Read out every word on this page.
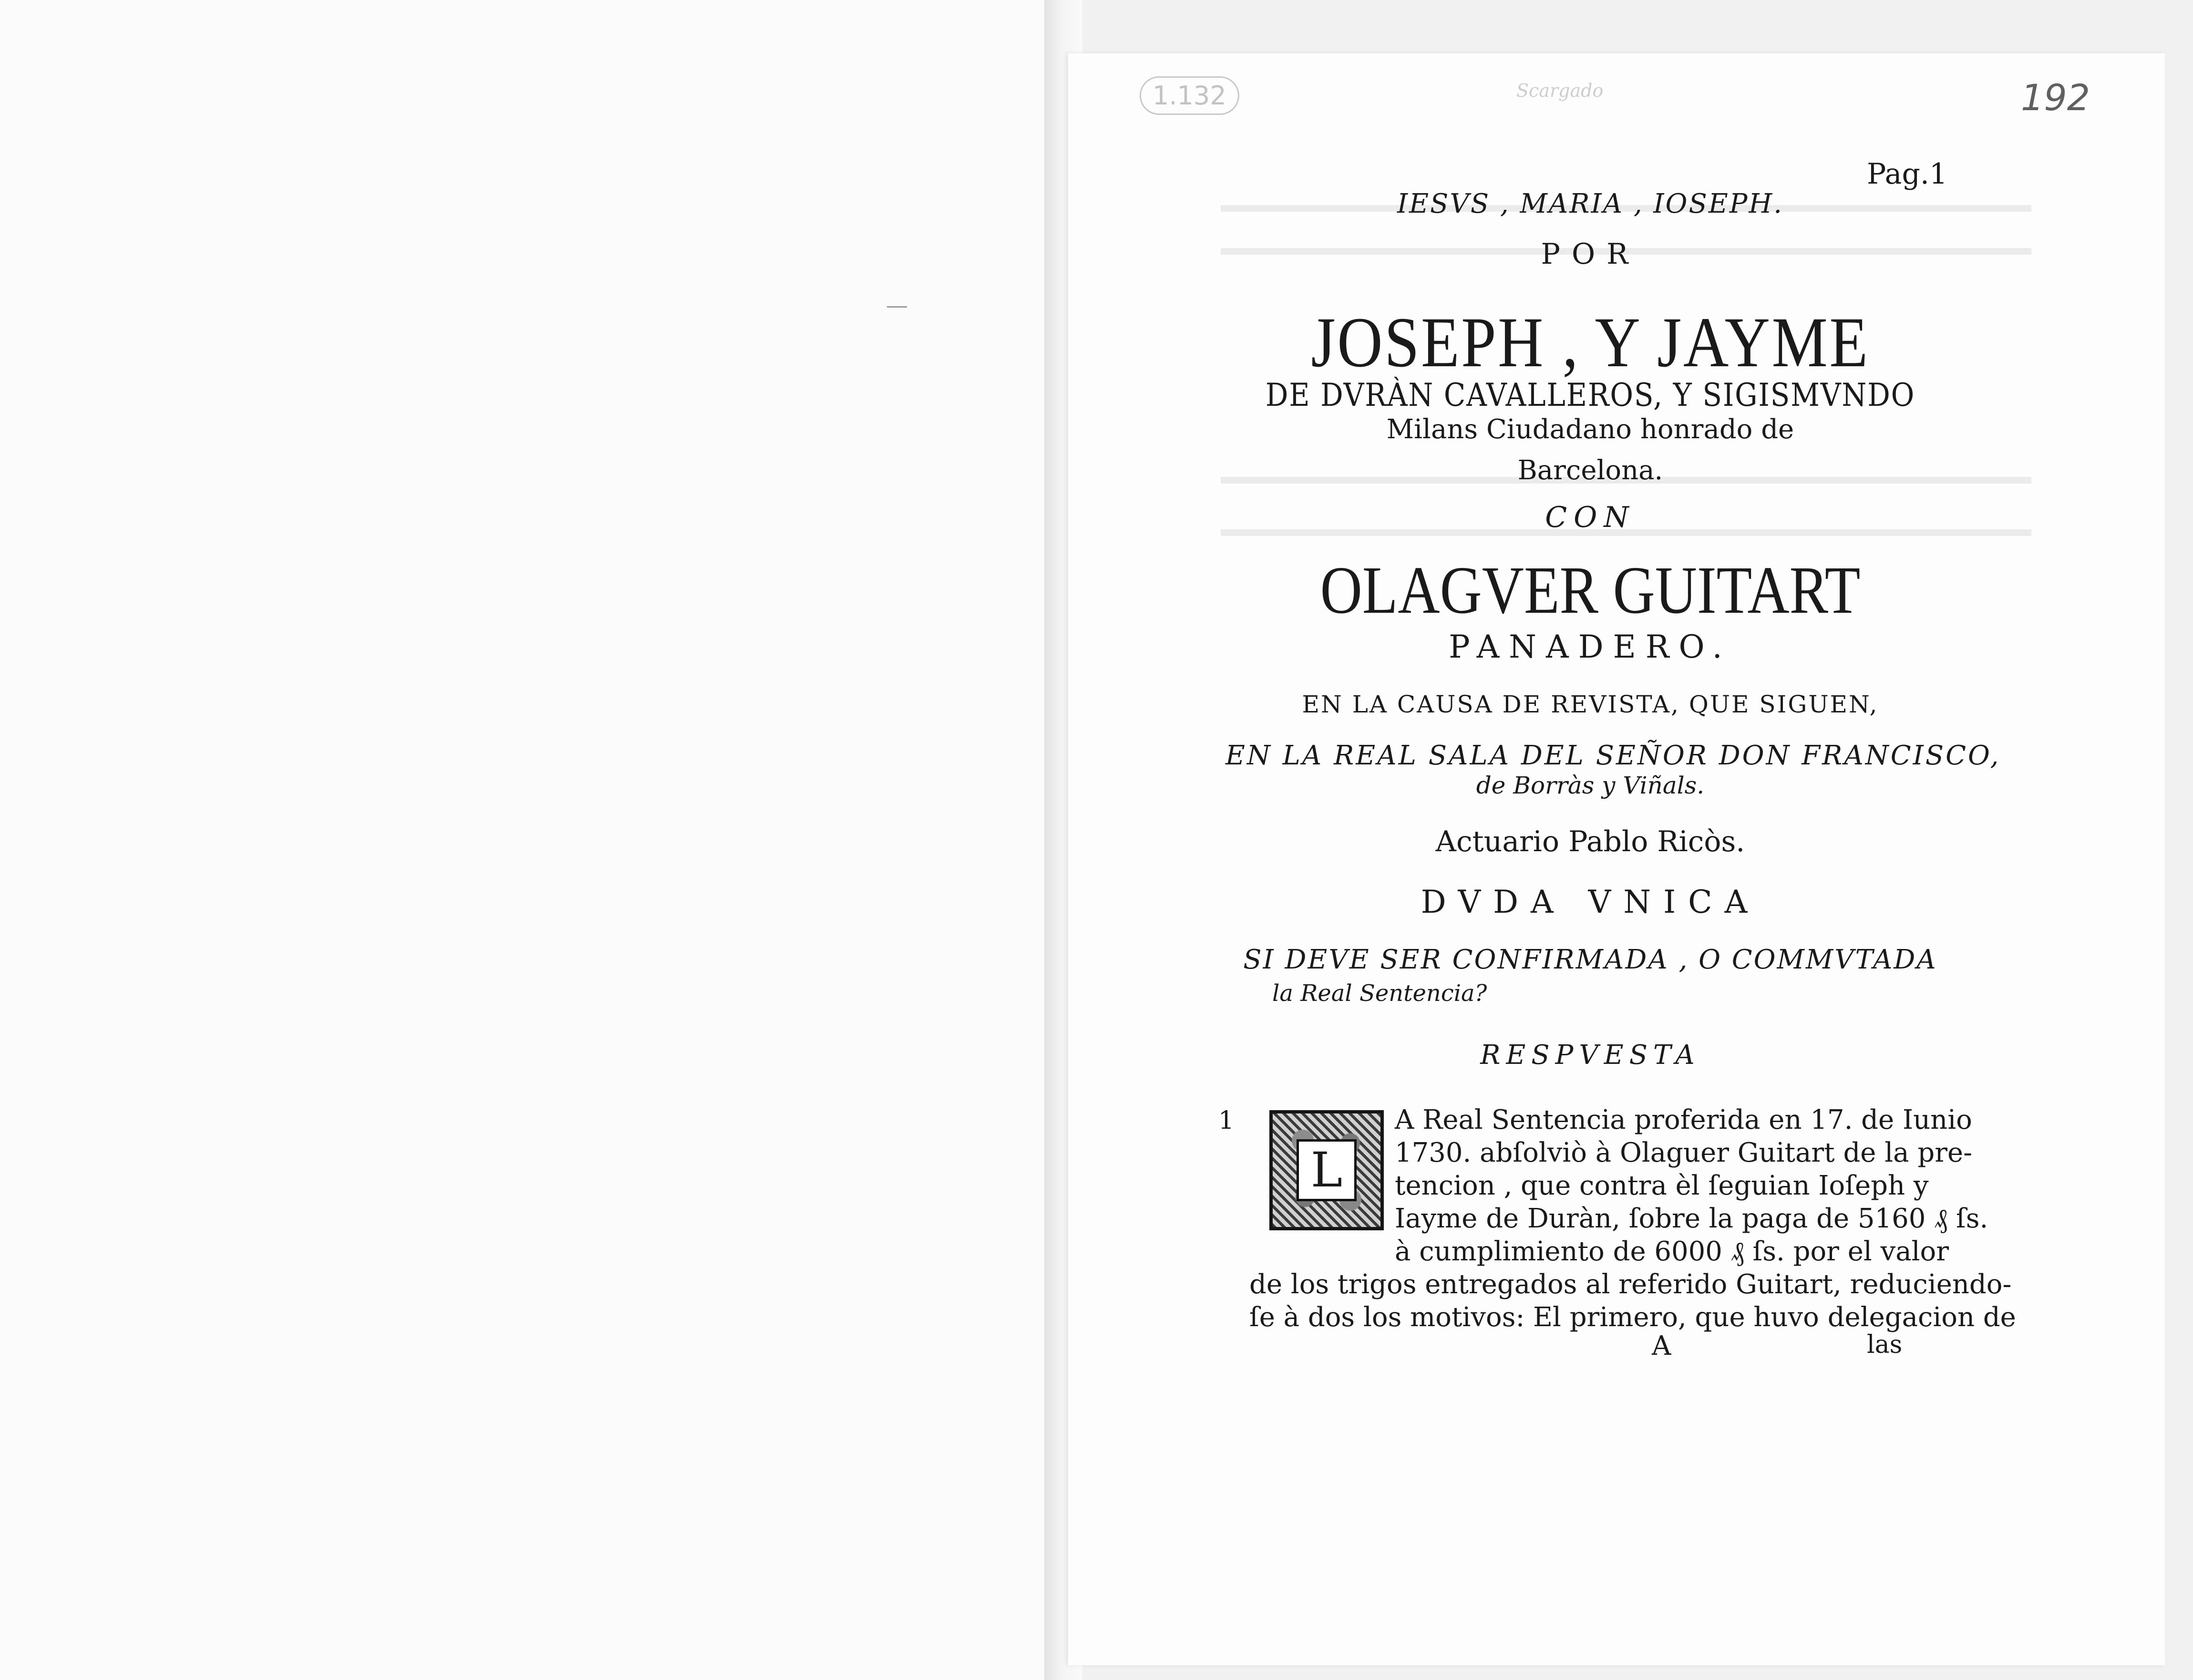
1.132	Scargado	192
Pag.1
IESVS , MARIA , IOSEPH.
POR
JOSEPH , Y JAYME
DE DVRÀN CAVALLEROS, Y SIGISMVNDO
Milans Ciudadano honrado de
Barcelona.
CON
OLAGVER GUITART
PANADERO.
EN LA CAUSA DE REVISTA, QUE SIGUEN,
EN LA REAL SALA DEL SEÑOR DON FRANCISCO,
de Borràs y Viñals.
Actuario Pablo Ricòs.
DVDA VNICA
SI DEVE SER CONFIRMADA , O COMMVTADA
la Real Sentencia?
RESPVESTA
1
L
A Real Sentencia proferida en 17. de Iunio
1730. abſolviò à Olaguer Guitart de la pre-
tencion , que contra èl ſeguian Ioſeph y
Iayme de Duràn, ſobre la paga de 5160 ₰ ſs.
à cumplimiento de 6000 ₰ ſs. por el valor
de los trigos entregados al referido Guitart, reduciendo-
ſe à dos los motivos: El primero, que huvo delegacion de
A	las
